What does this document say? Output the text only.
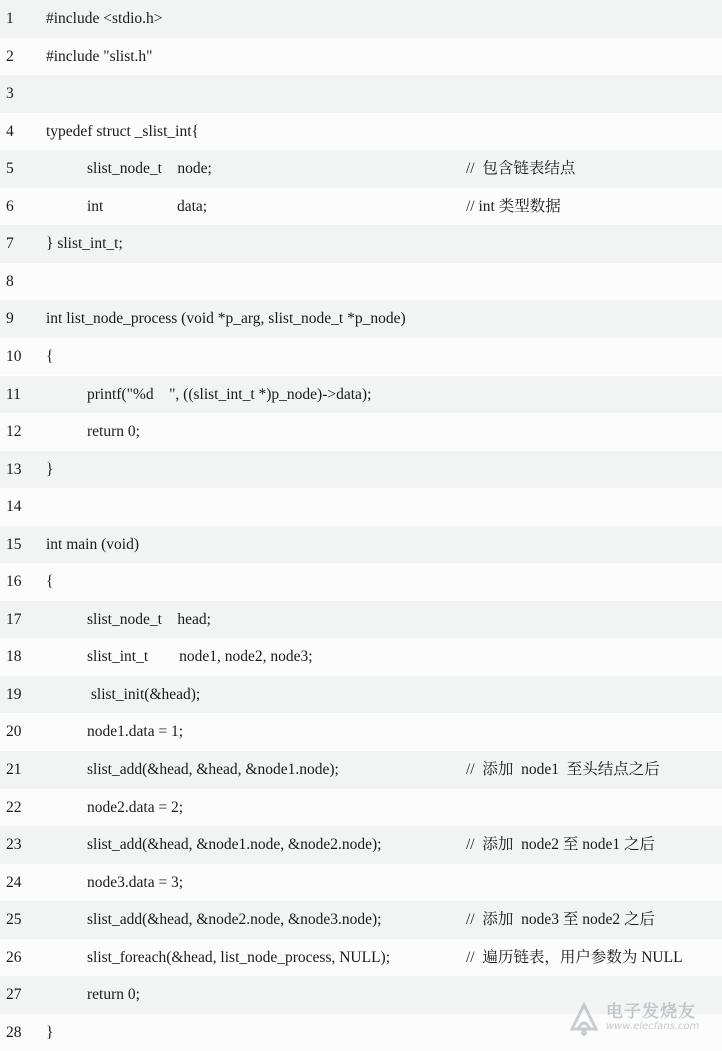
1 #include <stdio.h>
2 #include "slist.h"
3
4 typedef struct _slist_int{
5	slist_node_t    node;	//  包含链表结点
6	int                   data;	// int 类型数据
7 } slist_int_t;
8
9 int list_node_process (void *p_arg, slist_node_t *p_node)
10 {
11	printf("%d    ", ((slist_int_t *)p_node)->data);
12	return 0;
13 }
14
15 int main (void)
16 {
17	slist_node_t    head;
18	slist_int_t        node1, node2, node3;
19	slist_init(&head);
20	node1.data = 1;
21	slist_add(&head, &head, &node1.node);	//  添加  node1  至头结点之后
22	node2.data = 2;
23	slist_add(&head, &node1.node, &node2.node);	//  添加  node2 至 node1 之后
24	node3.data = 3;
25	slist_add(&head, &node2.node, &node3.node);	//  添加  node3 至 node2 之后
26	slist_foreach(&head, list_node_process, NULL);	//  遍历链表，用户参数为 NULL
27	return 0;
28 }
电子发烧友
www.elecfans.com
